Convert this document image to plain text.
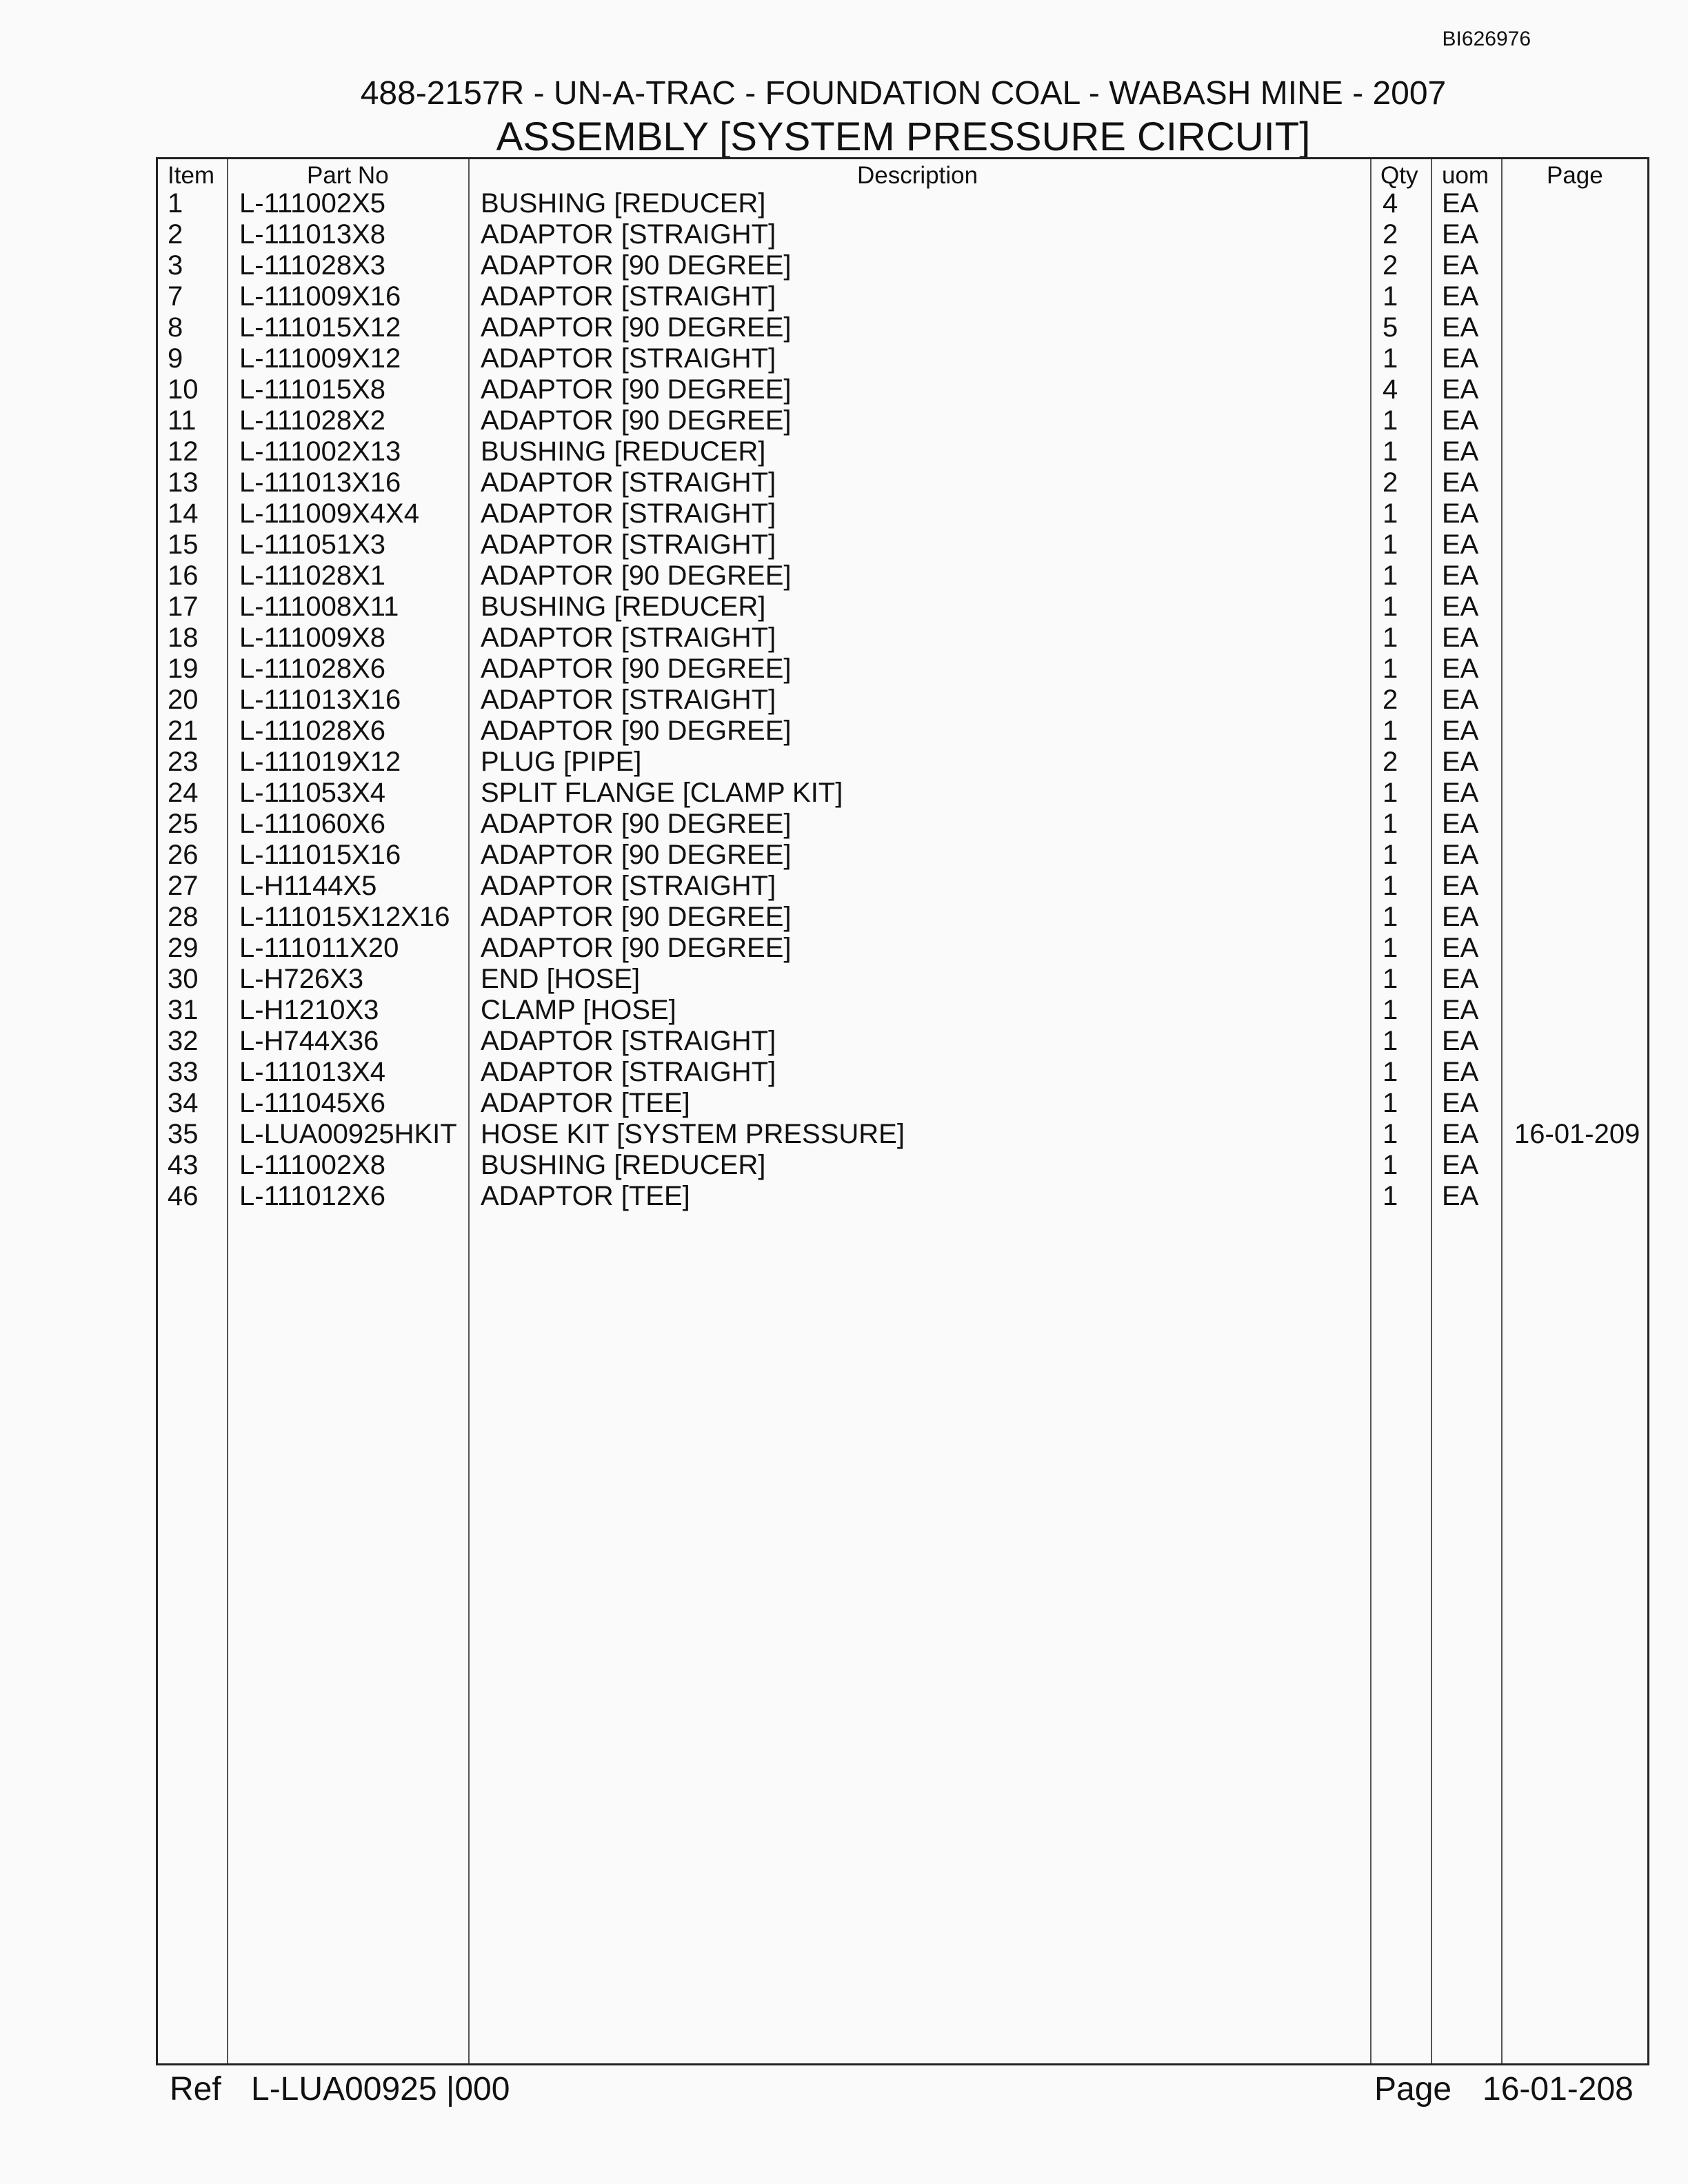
BI626976
488-2157R - UN-A-TRAC - FOUNDATION COAL - WABASH MINE - 2007
ASSEMBLY [SYSTEM PRESSURE CIRCUIT]
Item	Part No	Description	Qty uom Page
1 L-111002X5	BUSHING [REDUCER]	4 EA
2 L-111013X8	ADAPTOR [STRAIGHT]	2 EA
3 L-111028X3	ADAPTOR [90 DEGREE]	2 EA
7 L-111009X16	ADAPTOR [STRAIGHT]	1 EA
8 L-111015X12	ADAPTOR [90 DEGREE]	5 EA
9 L-111009X12	ADAPTOR [STRAIGHT]	1 EA
10 L-111015X8	ADAPTOR [90 DEGREE]	4 EA
11 L-111028X2	ADAPTOR [90 DEGREE]	1 EA
12 L-111002X13	BUSHING [REDUCER]	1 EA
13 L-111013X16	ADAPTOR [STRAIGHT]	2 EA
14 L-111009X4X4 ADAPTOR [STRAIGHT]	1 EA
15 L-111051X3	ADAPTOR [STRAIGHT]	1 EA
16 L-111028X1	ADAPTOR [90 DEGREE]	1 EA
17 L-111008X11	BUSHING [REDUCER]	1 EA
18 L-111009X8	ADAPTOR [STRAIGHT]	1 EA
19 L-111028X6	ADAPTOR [90 DEGREE]	1 EA
20 L-111013X16	ADAPTOR [STRAIGHT]	2 EA
21 L-111028X6	ADAPTOR [90 DEGREE]	1 EA
23 L-111019X12	PLUG [PIPE]	2 EA
24 L-111053X4	SPLIT FLANGE [CLAMP KIT]	1 EA
25 L-111060X6	ADAPTOR [90 DEGREE]	1 EA
26 L-111015X16	ADAPTOR [90 DEGREE]	1 EA
27 L-H1144X5	ADAPTOR [STRAIGHT]	1 EA
28 L-111015X12X16 ADAPTOR [90 DEGREE]	1 EA
29 L-111011X20	ADAPTOR [90 DEGREE]	1 EA
30 L-H726X3	END [HOSE]	1 EA
31 L-H1210X3	CLAMP [HOSE]	1 EA
32 L-H744X36	ADAPTOR [STRAIGHT]	1 EA
33 L-111013X4	ADAPTOR [STRAIGHT]	1 EA
34 L-111045X6	ADAPTOR [TEE]	1 EA
35 L-LUA00925HKIT HOSE KIT [SYSTEM PRESSURE]	1 EA 16-01-209
43 L-111002X8	BUSHING [REDUCER]	1 EA
46 L-111012X6	ADAPTOR [TEE]	1 EA
Ref L-LUA00925 |000	Page 16-01-208
